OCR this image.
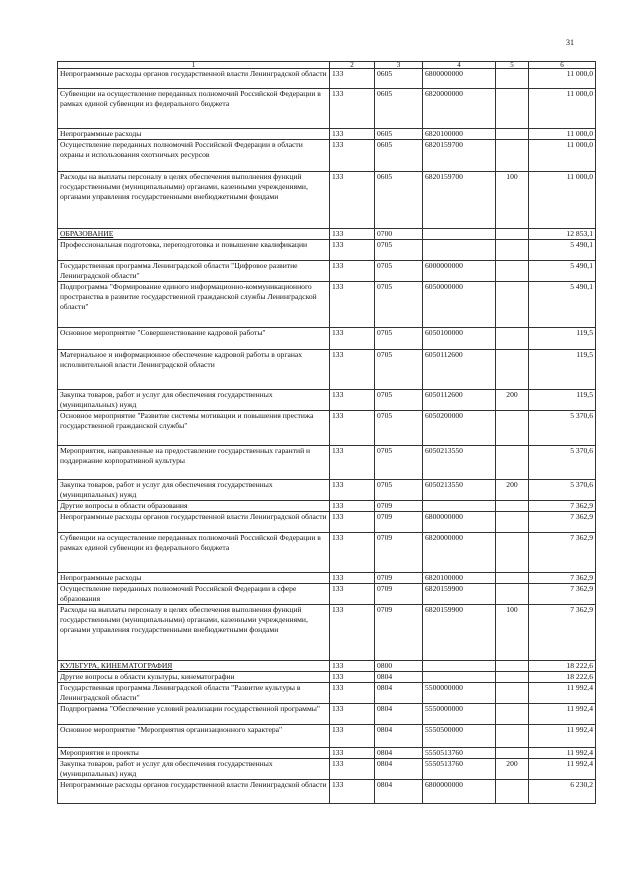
31
1	2	3	4	5	6
Непрограммные расходы органов государственной власти Ленинградской области	133	0605	6800000000		11 000,0
Субвенции на осуществление переданных полномочий Российской Федерации в рамках единой субвенции из федерального бюджета	133	0605	6820000000		11 000,0
Непрограммные расходы	133	0605	6820100000		11 000,0
Осуществление переданных полномочий Российской Федерации в области охраны и использования охотничьих ресурсов	133	0605	6820159700		11 000,0
Расходы на выплаты персоналу в целях обеспечения выполнения функций государственными (муниципальными) органами, казенными учреждениями, органами управления государственными внебюджетными фондами	133	0605	6820159700	100	11 000,0
ОБРАЗОВАНИЕ	133	0700			12 853,1
Профессиональная подготовка, переподготовка и повышение квалификации	133	0705			5 490,1
Государственная программа Ленинградской области "Цифровое развитие Ленинградской области"	133	0705	6000000000		5 490,1
Подпрограмма "Формирование единого информационно-коммуникационного пространства в развитие государственной гражданской службы Ленинградской области"	133	0705	6050000000		5 490,1
Основное мероприятие "Совершенствование кадровой работы"	133	0705	6050100000		119,5
Материальное и информационное обеспечение кадровой работы в органах исполнительной власти Ленинградской области	133	0705	6050112600		119,5
Закупка товаров, работ и услуг для обеспечения государственных (муниципальных) нужд	133	0705	6050112600	200	119,5
Основное мероприятие "Развитие системы мотивации и повышения престижа государственной гражданской службы"	133	0705	6050200000		5 370,6
Мероприятия, направленные на предоставление государственных гарантий и поддержание корпоративной культуры	133	0705	6050213550		5 370,6
Закупка товаров, работ и услуг для обеспечения государственных (муниципальных) нужд	133	0705	6050213550	200	5 370,6
Другие вопросы в области образования	133	0709			7 362,9
Непрограммные расходы органов государственной власти Ленинградской области	133	0709	6800000000		7 362,9
Субвенции на осуществление переданных полномочий Российской Федерации в рамках единой субвенции из федерального бюджета	133	0709	6820000000		7 362,9
Непрограммные расходы	133	0709	6820100000		7 362,9
Осуществление переданных полномочий Российской Федерации в сфере образования	133	0709	6820159900		7 362,9
Расходы на выплаты персоналу в целях обеспечения выполнения функций государственными (муниципальными) органами, казенными учреждениями, органами управления государственными внебюджетными фондами	133	0709	6820159900	100	7 362,9
КУЛЬТУРА, КИНЕМАТОГРАФИЯ	133	0800			18 222,6
Другие вопросы в области культуры, кинематографии	133	0804			18 222,6
Государственная программа Ленинградской области "Развитие культуры в Ленинградской области"	133	0804	5500000000		11 992,4
Подпрограмма "Обеспечение условий реализации государственной программы"	133	0804	5550000000		11 992,4
Основное мероприятие "Мероприятия организационного характера"	133	0804	5550500000		11 992,4
Мероприятия и проекты	133	0804	5550513760		11 992,4
Закупка товаров, работ и услуг для обеспечения государственных (муниципальных) нужд	133	0804	5550513760	200	11 992,4
Непрограммные расходы органов государственной власти Ленинградской области	133	0804	6800000000		6 230,2
